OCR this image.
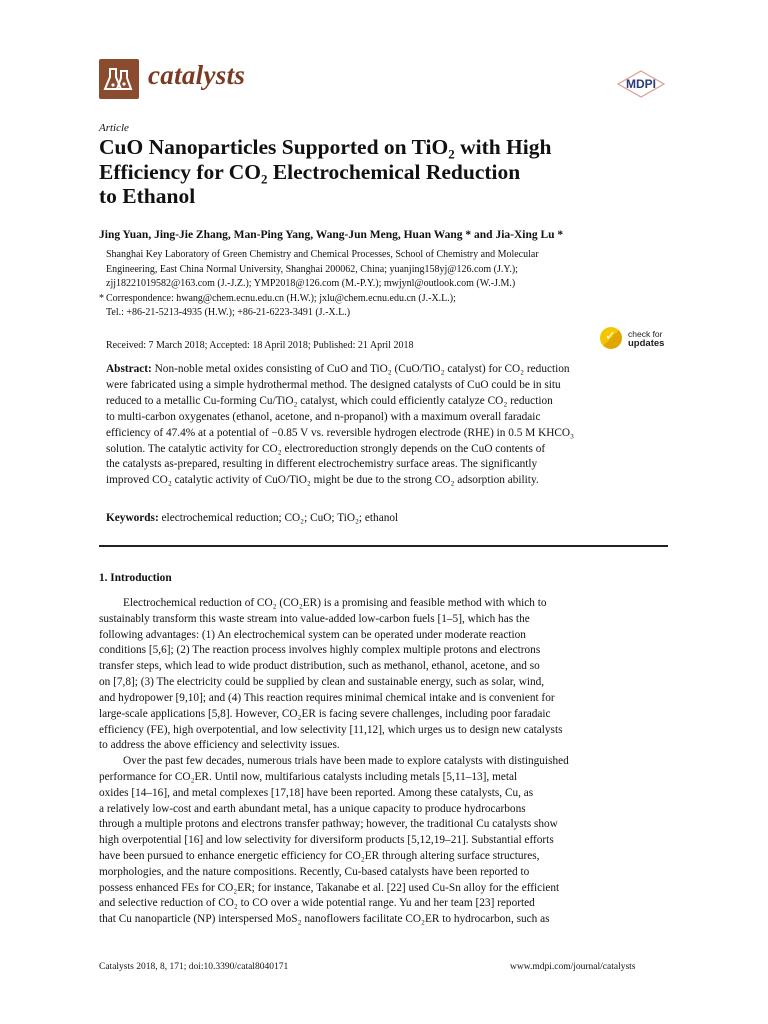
catalysts	MDPI
Article
CuO Nanoparticles Supported on TiO₂ with High
Efficiency for CO₂ Electrochemical Reduction
to Ethanol
Jing Yuan, Jing-Jie Zhang, Man-Ping Yang, Wang-Jun Meng, Huan Wang * and Jia-Xing Lu *
Shanghai Key Laboratory of Green Chemistry and Chemical Processes, School of Chemistry and Molecular
Engineering, East China Normal University, Shanghai 200062, China; yuanjing158yj@126.com (J.Y.);
zjj18221019582@163.com (J.-J.Z.); YMP2018@126.com (M.-P.Y.); mwjynl@outlook.com (W.-J.M.)
* Correspondence: hwang@chem.ecnu.edu.cn (H.W.); jxlu@chem.ecnu.edu.cn (J.-X.L.);
Tel.: +86-21-5213-4935 (H.W.); +86-21-6223-3491 (J.-X.L.)
✓ check for
updates
Received: 7 March 2018; Accepted: 18 April 2018; Published: 21 April 2018
Abstract: Non-noble metal oxides consisting of CuO and TiO₂ (CuO/TiO₂ catalyst) for CO₂ reduction
were fabricated using a simple hydrothermal method. The designed catalysts of CuO could be in situ
reduced to a metallic Cu-forming Cu/TiO₂ catalyst, which could efficiently catalyze CO₂ reduction
to multi-carbon oxygenates (ethanol, acetone, and n-propanol) with a maximum overall faradaic
efficiency of 47.4% at a potential of −0.85 V vs. reversible hydrogen electrode (RHE) in 0.5 M KHCO₃
solution. The catalytic activity for CO₂ electroreduction strongly depends on the CuO contents of
the catalysts as-prepared, resulting in different electrochemistry surface areas. The significantly
improved CO₂ catalytic activity of CuO/TiO₂ might be due to the strong CO₂ adsorption ability.
Keywords: electrochemical reduction; CO₂; CuO; TiO₂; ethanol
1. Introduction
Electrochemical reduction of CO₂ (CO₂ER) is a promising and feasible method with which to
sustainably transform this waste stream into value-added low-carbon fuels [1–5], which has the
following advantages: (1) An electrochemical system can be operated under moderate reaction
conditions [5,6]; (2) The reaction process involves highly complex multiple protons and electrons
transfer steps, which lead to wide product distribution, such as methanol, ethanol, acetone, and so
on [7,8]; (3) The electricity could be supplied by clean and sustainable energy, such as solar, wind,
and hydropower [9,10]; and (4) This reaction requires minimal chemical intake and is convenient for
large-scale applications [5,8]. However, CO₂ER is facing severe challenges, including poor faradaic
efficiency (FE), high overpotential, and low selectivity [11,12], which urges us to design new catalysts
to address the above efficiency and selectivity issues.
Over the past few decades, numerous trials have been made to explore catalysts with distinguished
performance for CO₂ER. Until now, multifarious catalysts including metals [5,11–13], metal
oxides [14–16], and metal complexes [17,18] have been reported. Among these catalysts, Cu, as
a relatively low-cost and earth abundant metal, has a unique capacity to produce hydrocarbons
through a multiple protons and electrons transfer pathway; however, the traditional Cu catalysts show
high overpotential [16] and low selectivity for diversiform products [5,12,19–21]. Substantial efforts
have been pursued to enhance energetic efficiency for CO₂ER through altering surface structures,
morphologies, and the nature compositions. Recently, Cu-based catalysts have been reported to
possess enhanced FEs for CO₂ER; for instance, Takanabe et al. [22] used Cu-Sn alloy for the efficient
and selective reduction of CO₂ to CO over a wide potential range. Yu and her team [23] reported
that Cu nanoparticle (NP) interspersed MoS₂ nanoflowers facilitate CO₂ER to hydrocarbon, such as
Catalysts 2018, 8, 171; doi:10.3390/catal8040171	www.mdpi.com/journal/catalysts
